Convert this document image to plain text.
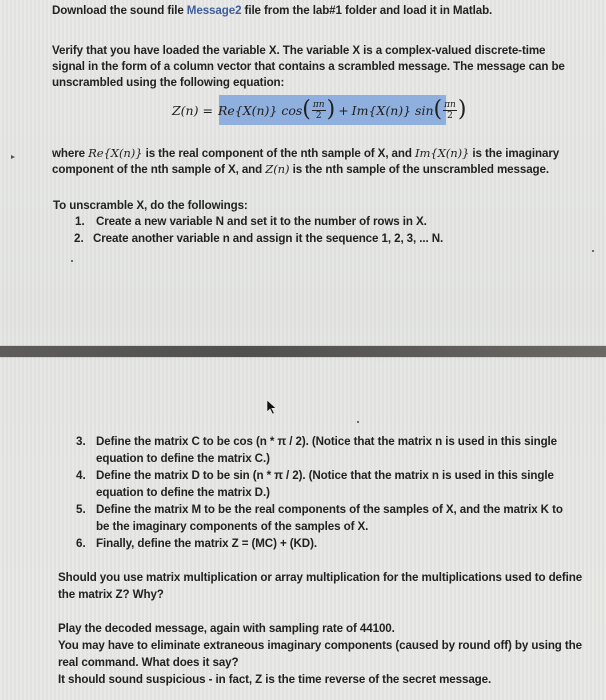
Download the sound file Message2 file from the lab#1 folder and load it in Matlab.
Verify that you have loaded the variable X. The variable X is a complex-valued discrete-time
signal in the form of a column vector that contains a scrambled message. The message can be
unscrambled using the following equation:
Z(n) = Re{X(n)} cos ( $\frac{\pi n}{2}$ ) + Im{X(n)} sin ( $\frac{\pi n}{2}$ )
where Re{X(n)} is the real component of the nth sample of X, and Im{X(n)} is the imaginary
component of the nth sample of X, and Z(n) is the nth sample of the unscrambled message.
To unscramble X, do the followings:
1. Create a new variable N and set it to the number of rows in X.
2. Create another variable n and assign it the sequence 1, 2, 3, ... N.
3. Define the matrix C to be cos (n * π / 2). (Notice that the matrix n is used in this single
equation to define the matrix C.)
4. Define the matrix D to be sin (n * π / 2). (Notice that the matrix n is used in this single
equation to define the matrix D.)
5. Define the matrix M to be the real components of the samples of X, and the matrix K to
be the imaginary components of the samples of X.
6. Finally, define the matrix Z = (MC) + (KD).
Should you use matrix multiplication or array multiplication for the multiplications used to define
the matrix Z? Why?
Play the decoded message, again with sampling rate of 44100.
You may have to eliminate extraneous imaginary components (caused by round off) by using the
real command. What does it say?
It should sound suspicious - in fact, Z is the time reverse of the secret message.
